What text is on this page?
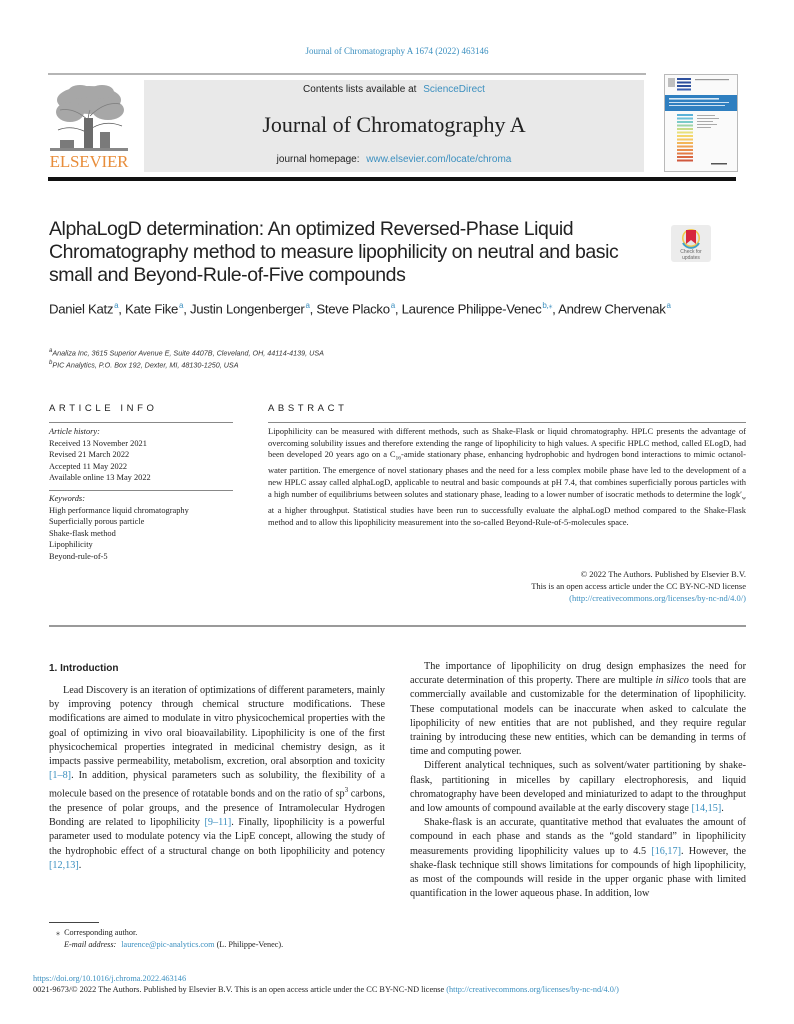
Journal of Chromatography A 1674 (2022) 463146
ELSEVIER
Contents lists available at ScienceDirect
Journal of Chromatography A
journal homepage: www.elsevier.com/locate/chroma
AlphaLogD determination: An optimized Reversed-Phase Liquid Chromatography method to measure lipophilicity on neutral and basic small and Beyond-Rule-of-Five compounds
Check for
updates
Daniel Katz$^a$, Kate Fike$^a$, Justin Longenberger$^a$, Steve Placko$^a$, Laurence Philippe-Venec$^{b,⁎}$, Andrew Chervenak$^a$
$^a$Analiza Inc, 3615 Superior Avenue E, Suite 4407B, Cleveland, OH, 44114-4139, USA
$^b$PIC Analytics, P.O. Box 192, Dexter, MI, 48130-1250, USA
ARTICLE INFO
Article history:
Received 13 November 2021
Revised 21 March 2022
Accepted 11 May 2022
Available online 13 May 2022
Keywords:
High performance liquid chromatography
Superficially porous particle
Shake-flask method
Lipophilicity
Beyond-rule-of-5
ABSTRACT
Lipophilicity can be measured with different methods, such as Shake-Flask or liquid chromatography. HPLC presents the advantage of overcoming solubility issues and therefore extending the range of lipophilicity to high values. A specific HPLC method, called ELogD, had been developed 20 years ago on a $C_{16}$-amide stationary phase, enhancing hydrophobic and hydrogen bond interactions to mimic octanol-water partition. The emergence of novel stationary phases and the need for a less complex mobile phase have led to the development of a new HPLC assay called alphaLogD, applicable to neutral and basic compounds at pH 7.4, that combines superficially porous particles with a high number of equilibriums between solutes and stationary phase, leading to a lower number of isocratic methods to determine the $\log k'_w$ at a higher throughput. Statistical studies have been run to successfully evaluate the alphaLogD method compared to the Shake-Flask method and to allow this lipophilicity measurement into the so-called Beyond-Rule-of-5-molecules space.
© 2022 The Authors. Published by Elsevier B.V.
This is an open access article under the CC BY-NC-ND license
(http://creativecommons.org/licenses/by-nc-nd/4.0/)
1. Introduction

Lead Discovery is an iteration of optimizations of different parameters, mainly by improving potency through chemical structure modifications. These modifications are aimed to modulate in vitro physicochemical properties with the goal of optimizing in vivo oral bioavailability. Lipophilicity is one of the first physicochemical properties integrated in medicinal chemistry design, as it impacts passive permeability, metabolism, excretion, oral absorption and toxicity [1–8]. In addition, physical parameters such as solubility, the flexibility of a molecule based on the presence of rotatable bonds and on the ratio of $sp^3$ carbons, the presence of polar groups, and the presence of Intramolecular Hydrogen Bonding are related to lipophilicity [9–11]. Finally, lipophilicity is a powerful parameter used to modulate potency via the LipE concept, allowing the study of the hydrophobic effect of a structural change on both lipophilicity and potency [12,13].

The importance of lipophilicity on drug design emphasizes the need for accurate determination of this property. There are multiple in silico tools that are commercially available and customizable for the determination of lipophilicity. These computational models can be inaccurate when asked to calculate the lipophilicity of new entities that are not published, and they require regular training by introducing these new entities, which can be demanding in terms of time and computing power.

Different analytical techniques, such as solvent/water partitioning by shake-flask, partitioning in micelles by capillary electrophoresis, and liquid chromatography have been developed and miniaturized to adapt to the throughput and low amounts of compound available at the early discovery stage [14,15].

Shake-flask is an accurate, quantitative method that evaluates the amount of compound in each phase and stands as the “gold standard” in lipophilicity measurements providing lipophilicity values up to 4.5 [16,17]. However, the shake-flask technique still shows limitations for compounds of high lipophilicity, as most of the compounds will reside in the upper organic phase with limited quantification in the lower aqueous phase. In addition, low

⁎ Corresponding author.
E-mail address: laurence@pic-analytics.com (L. Philippe-Venec).
https://doi.org/10.1016/j.chroma.2022.463146
0021-9673/© 2022 The Authors. Published by Elsevier B.V. This is an open access article under the CC BY-NC-ND license (http://creativecommons.org/licenses/by-nc-nd/4.0/)
